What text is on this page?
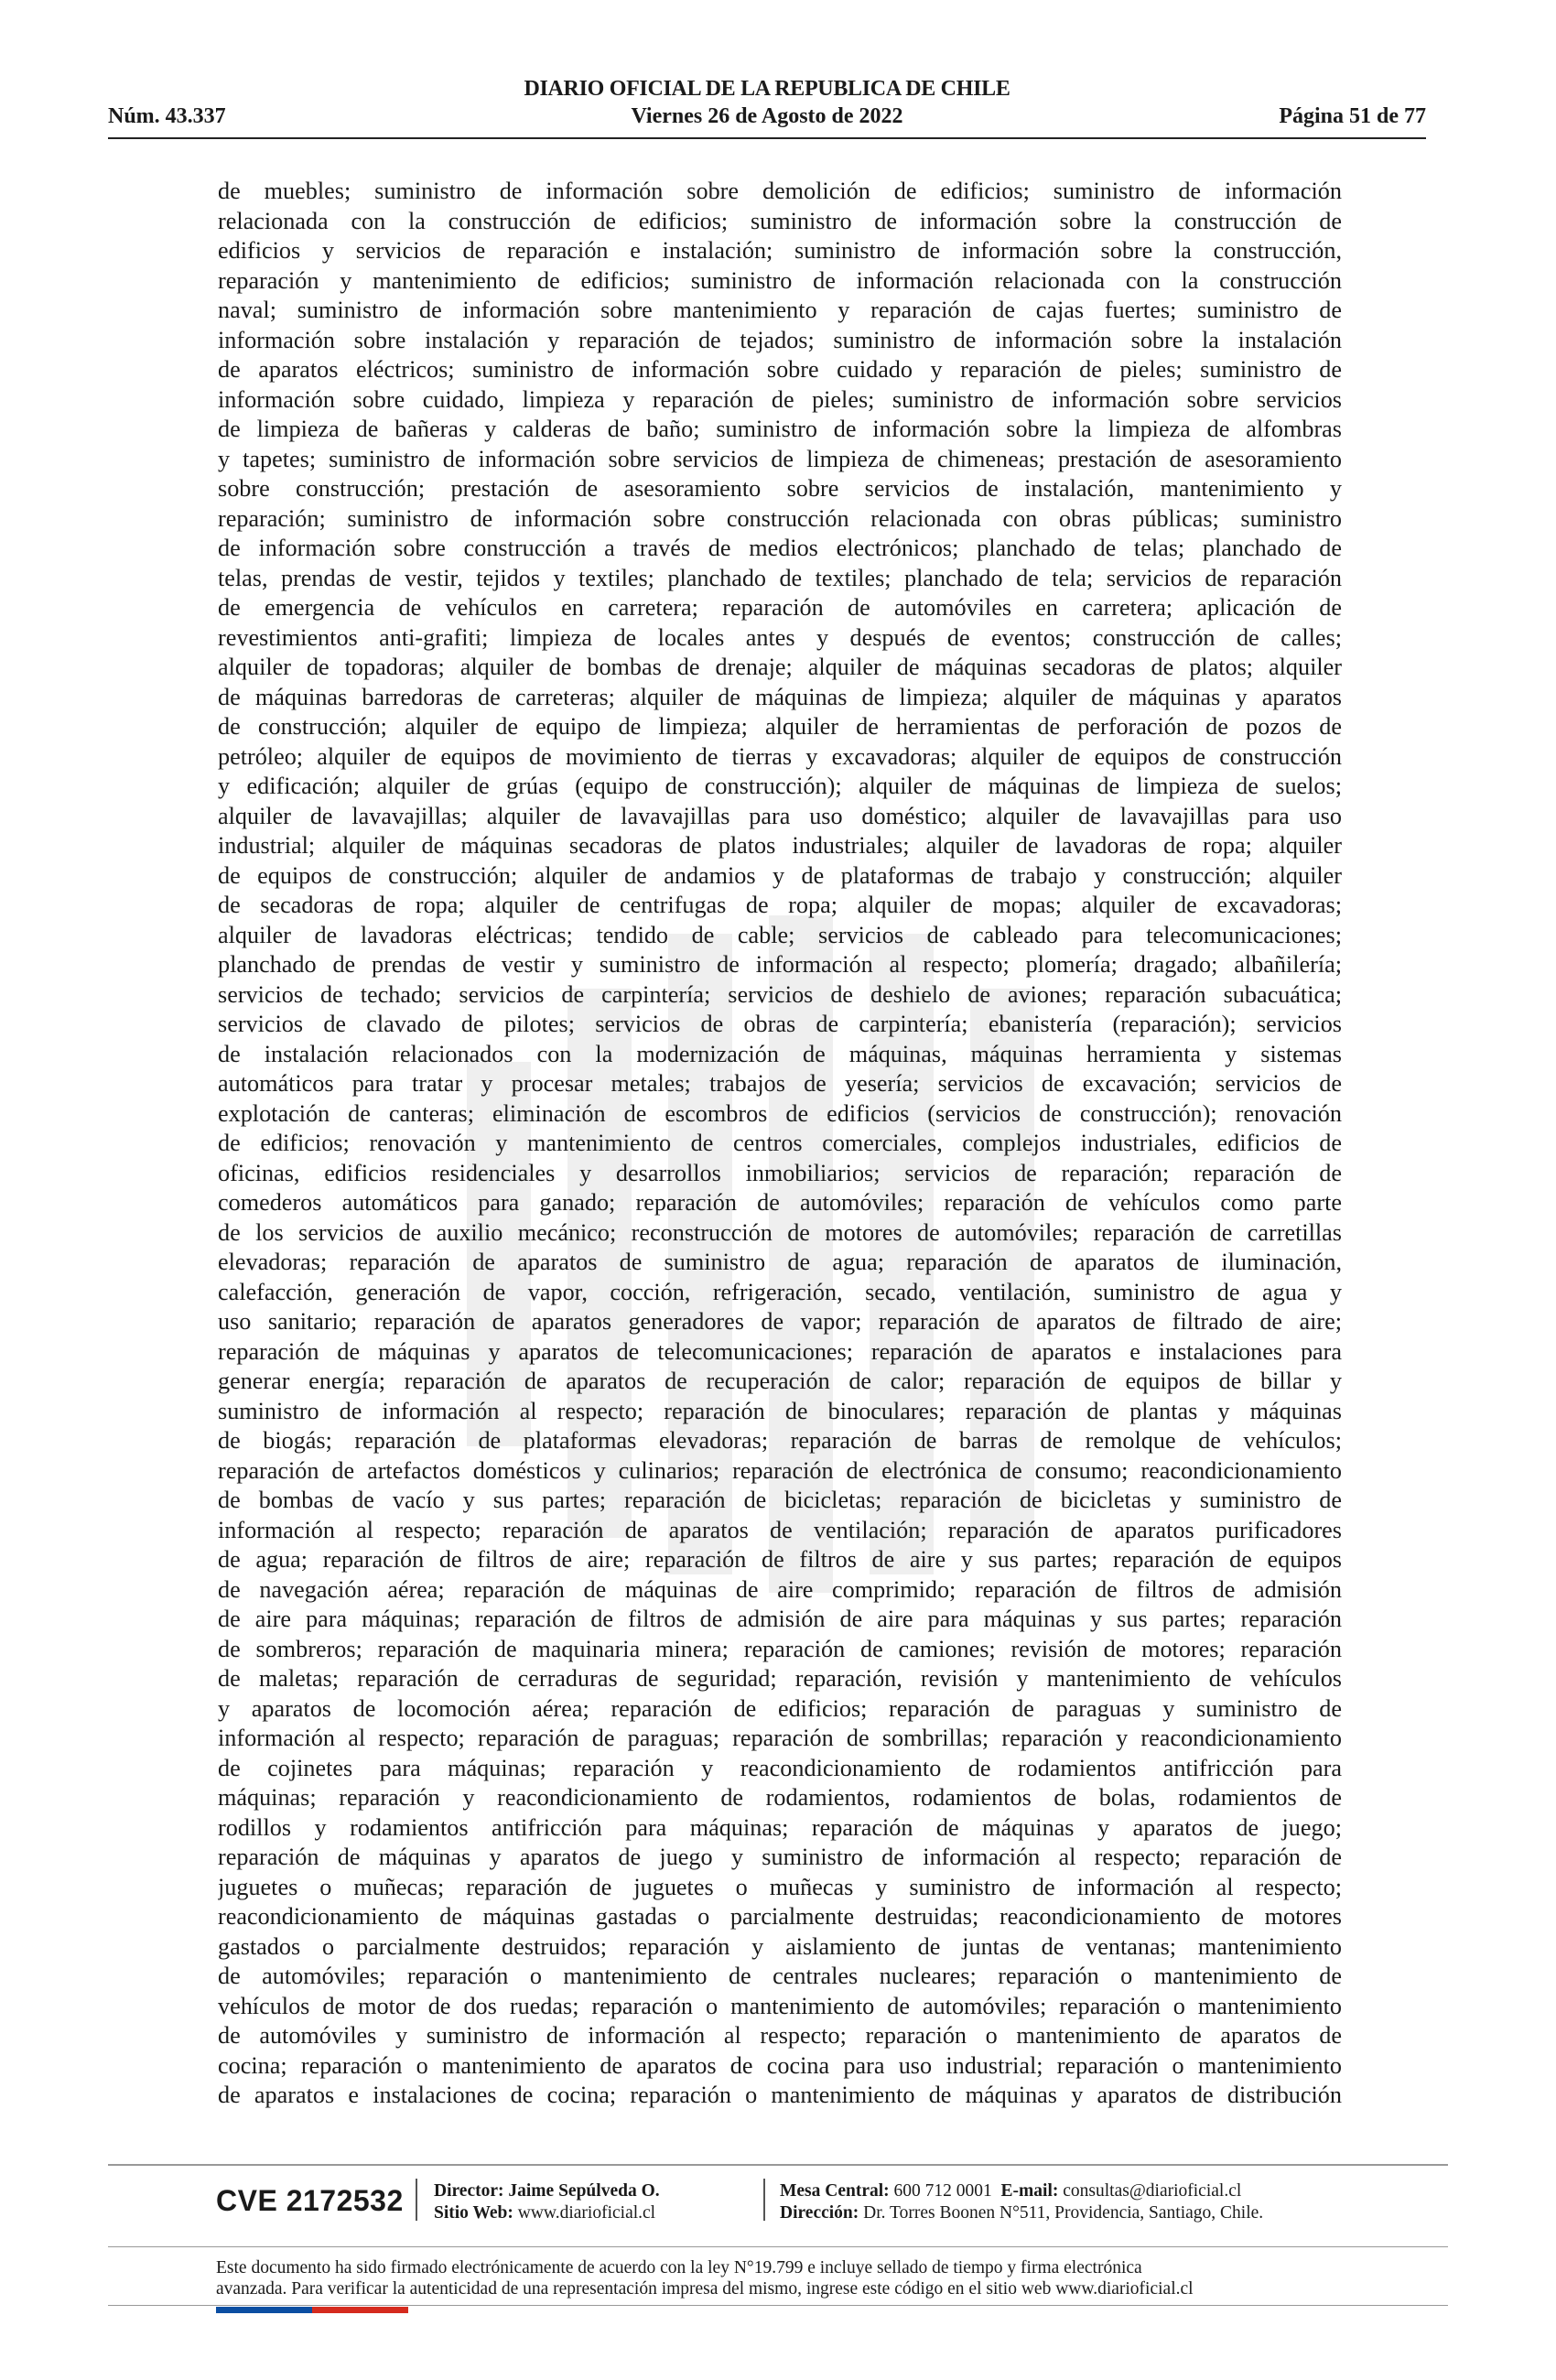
DIARIO OFICIAL DE LA REPUBLICA DE CHILE
Núm. 43.337	Viernes 26 de Agosto de 2022	Página 51 de 77
de muebles; suministro de información sobre demolición de edificios; suministro de información
relacionada con la construcción de edificios; suministro de información sobre la construcción de
edificios y servicios de reparación e instalación; suministro de información sobre la construcción,
reparación y mantenimiento de edificios; suministro de información relacionada con la construcción
naval; suministro de información sobre mantenimiento y reparación de cajas fuertes; suministro de
información sobre instalación y reparación de tejados; suministro de información sobre la instalación
de aparatos eléctricos; suministro de información sobre cuidado y reparación de pieles; suministro de
información sobre cuidado, limpieza y reparación de pieles; suministro de información sobre servicios
de limpieza de bañeras y calderas de baño; suministro de información sobre la limpieza de alfombras
y tapetes; suministro de información sobre servicios de limpieza de chimeneas; prestación de asesoramiento
sobre construcción; prestación de asesoramiento sobre servicios de instalación, mantenimiento y
reparación; suministro de información sobre construcción relacionada con obras públicas; suministro
de información sobre construcción a través de medios electrónicos; planchado de telas; planchado de
telas, prendas de vestir, tejidos y textiles; planchado de textiles; planchado de tela; servicios de reparación
de emergencia de vehículos en carretera; reparación de automóviles en carretera; aplicación de
revestimientos anti-grafiti; limpieza de locales antes y después de eventos; construcción de calles;
alquiler de topadoras; alquiler de bombas de drenaje; alquiler de máquinas secadoras de platos; alquiler
de máquinas barredoras de carreteras; alquiler de máquinas de limpieza; alquiler de máquinas y aparatos
de construcción; alquiler de equipo de limpieza; alquiler de herramientas de perforación de pozos de
petróleo; alquiler de equipos de movimiento de tierras y excavadoras; alquiler de equipos de construcción
y edificación; alquiler de grúas (equipo de construcción); alquiler de máquinas de limpieza de suelos;
alquiler de lavavajillas; alquiler de lavavajillas para uso doméstico; alquiler de lavavajillas para uso
industrial; alquiler de máquinas secadoras de platos industriales; alquiler de lavadoras de ropa; alquiler
de equipos de construcción; alquiler de andamios y de plataformas de trabajo y construcción; alquiler
de secadoras de ropa; alquiler de centrifugas de ropa; alquiler de mopas; alquiler de excavadoras;
alquiler de lavadoras eléctricas; tendido de cable; servicios de cableado para telecomunicaciones;
planchado de prendas de vestir y suministro de información al respecto; plomería; dragado; albañilería;
servicios de techado; servicios de carpintería; servicios de deshielo de aviones; reparación subacuática;
servicios de clavado de pilotes; servicios de obras de carpintería; ebanistería (reparación); servicios
de instalación relacionados con la modernización de máquinas, máquinas herramienta y sistemas
automáticos para tratar y procesar metales; trabajos de yesería; servicios de excavación; servicios de
explotación de canteras; eliminación de escombros de edificios (servicios de construcción); renovación
de edificios; renovación y mantenimiento de centros comerciales, complejos industriales, edificios de
oficinas, edificios residenciales y desarrollos inmobiliarios; servicios de reparación; reparación de
comederos automáticos para ganado; reparación de automóviles; reparación de vehículos como parte
de los servicios de auxilio mecánico; reconstrucción de motores de automóviles; reparación de carretillas
elevadoras; reparación de aparatos de suministro de agua; reparación de aparatos de iluminación,
calefacción, generación de vapor, cocción, refrigeración, secado, ventilación, suministro de agua y
uso sanitario; reparación de aparatos generadores de vapor; reparación de aparatos de filtrado de aire;
reparación de máquinas y aparatos de telecomunicaciones; reparación de aparatos e instalaciones para
generar energía; reparación de aparatos de recuperación de calor; reparación de equipos de billar y
suministro de información al respecto; reparación de binoculares; reparación de plantas y máquinas
de biogás; reparación de plataformas elevadoras; reparación de barras de remolque de vehículos;
reparación de artefactos domésticos y culinarios; reparación de electrónica de consumo; reacondicionamiento
de bombas de vacío y sus partes; reparación de bicicletas; reparación de bicicletas y suministro de
información al respecto; reparación de aparatos de ventilación; reparación de aparatos purificadores
de agua; reparación de filtros de aire; reparación de filtros de aire y sus partes; reparación de equipos
de navegación aérea; reparación de máquinas de aire comprimido; reparación de filtros de admisión
de aire para máquinas; reparación de filtros de admisión de aire para máquinas y sus partes; reparación
de sombreros; reparación de maquinaria minera; reparación de camiones; revisión de motores; reparación
de maletas; reparación de cerraduras de seguridad; reparación, revisión y mantenimiento de vehículos
y aparatos de locomoción aérea; reparación de edificios; reparación de paraguas y suministro de
información al respecto; reparación de paraguas; reparación de sombrillas; reparación y reacondicionamiento
de cojinetes para máquinas; reparación y reacondicionamiento de rodamientos antifricción para
máquinas; reparación y reacondicionamiento de rodamientos, rodamientos de bolas, rodamientos de
rodillos y rodamientos antifricción para máquinas; reparación de máquinas y aparatos de juego;
reparación de máquinas y aparatos de juego y suministro de información al respecto; reparación de
juguetes o muñecas; reparación de juguetes o muñecas y suministro de información al respecto;
reacondicionamiento de máquinas gastadas o parcialmente destruidas; reacondicionamiento de motores
gastados o parcialmente destruidos; reparación y aislamiento de juntas de ventanas; mantenimiento
de automóviles; reparación o mantenimiento de centrales nucleares; reparación o mantenimiento de
vehículos de motor de dos ruedas; reparación o mantenimiento de automóviles; reparación o mantenimiento
de automóviles y suministro de información al respecto; reparación o mantenimiento de aparatos de
cocina; reparación o mantenimiento de aparatos de cocina para uso industrial; reparación o mantenimiento
de aparatos e instalaciones de cocina; reparación o mantenimiento de máquinas y aparatos de distribución
CVE 2172532 Director: Jaime Sepúlveda O.
Sitio Web: www.diarioficial.cl
Mesa Central: 600 712 0001 E-mail: consultas@diarioficial.cl
Dirección: Dr. Torres Boonen N°511, Providencia, Santiago, Chile.
Este documento ha sido firmado electrónicamente de acuerdo con la ley N°19.799 e incluye sellado de tiempo y firma electrónica
avanzada. Para verificar la autenticidad de una representación impresa del mismo, ingrese este código en el sitio web www.diarioficial.cl
